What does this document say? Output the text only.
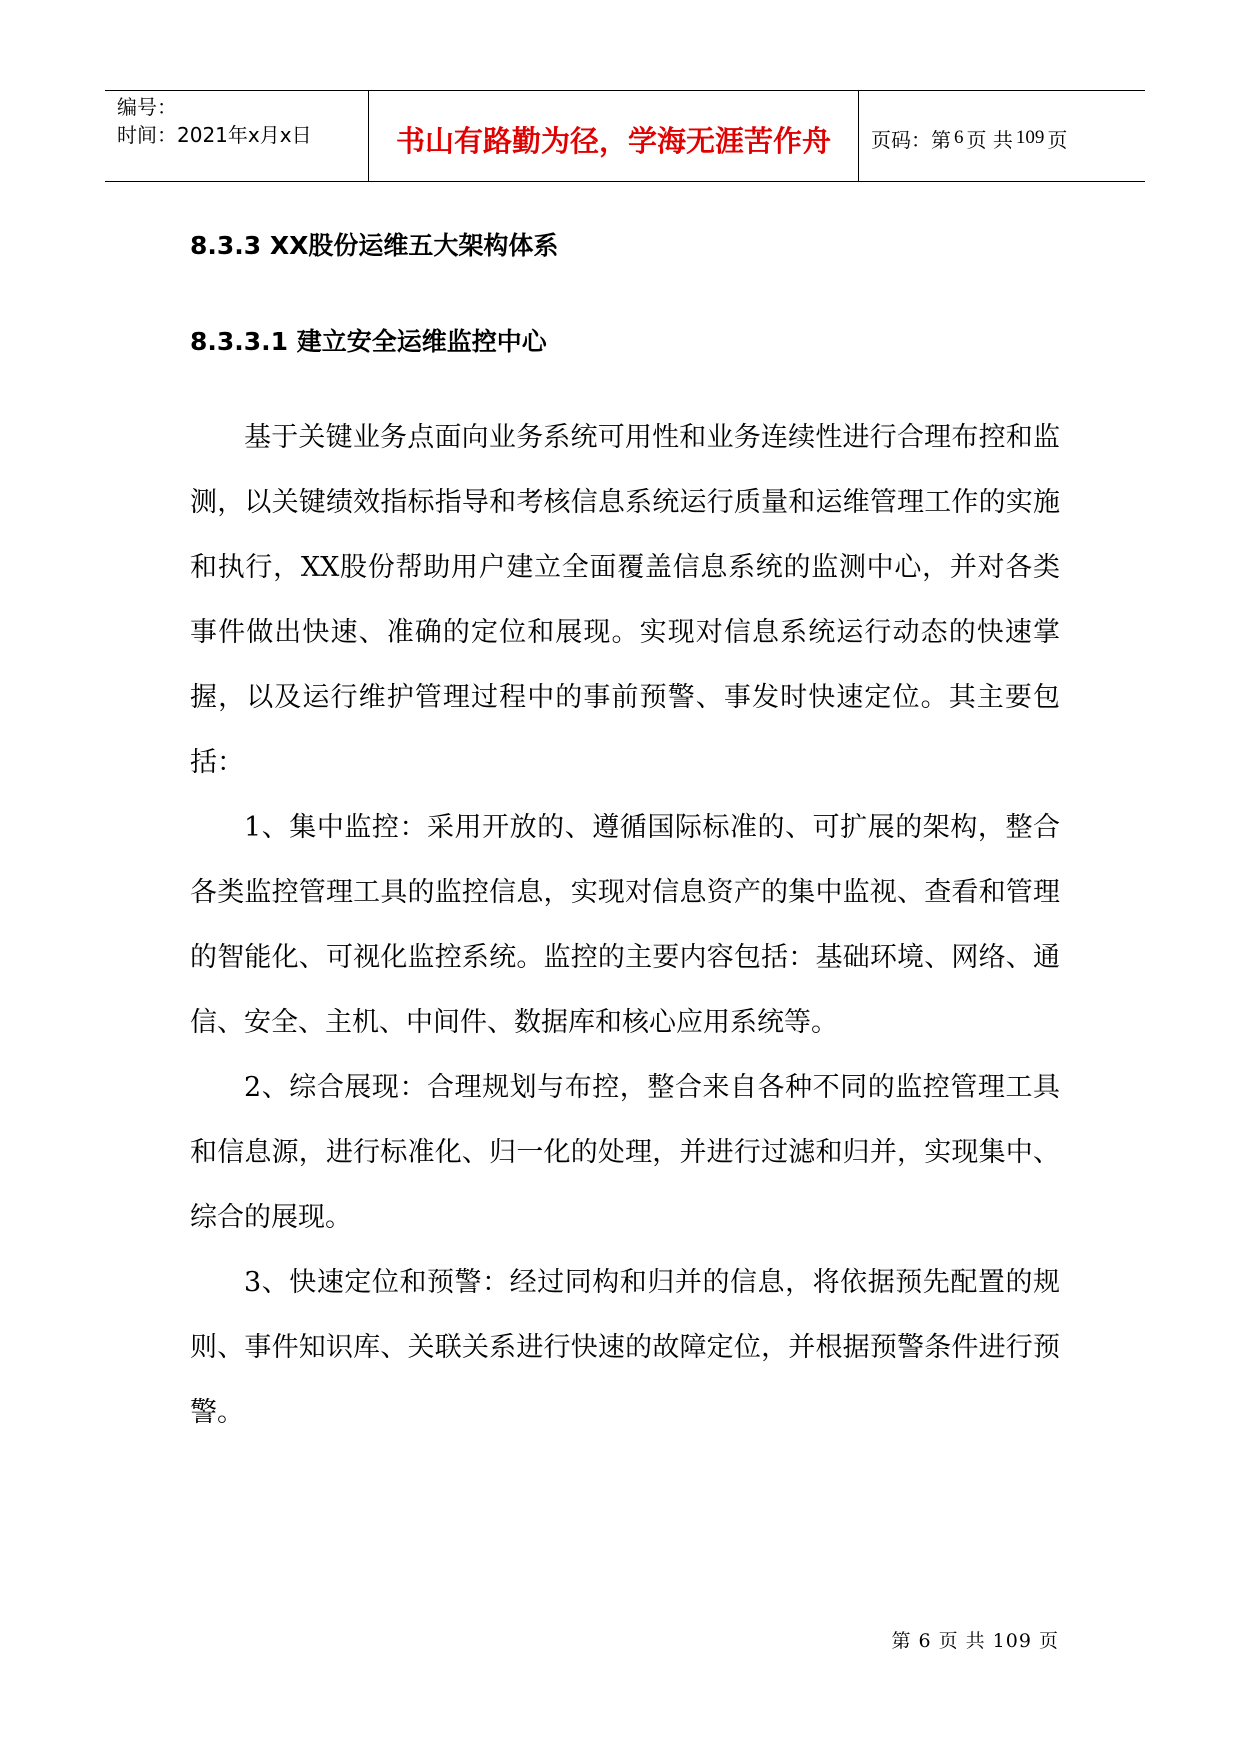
编号：
时间：2021年x月x日	书山有路勤为径，学海无涯苦作舟	页码：第 6 页 共 109 页
8.3.3 XX股份运维五大架构体系
8.3.3.1 建立安全运维监控中心

基于关键业务点面向业务系统可用性和业务连续性进行合理布控和监测，以关键绩效指标指导和考核信息系统运行质量和运维管理工作的实施和执行，XX股份帮助用户建立全面覆盖信息系统的监测中心，并对各类事件做出快速、准确的定位和展现。实现对信息系统运行动态的快速掌握，以及运行维护管理过程中的事前预警、事发时快速定位。其主要包括：

1、集中监控：采用开放的、遵循国际标准的、可扩展的架构，整合各类监控管理工具的监控信息，实现对信息资产的集中监视、查看和管理的智能化、可视化监控系统。监控的主要内容包括：基础环境、网络、通信、安全、主机、中间件、数据库和核心应用系统等。

2、综合展现：合理规划与布控，整合来自各种不同的监控管理工具和信息源，进行标准化、归一化的处理，并进行过滤和归并，实现集中、综合的展现。

3、快速定位和预警：经过同构和归并的信息，将依据预先配置的规则、事件知识库、关联关系进行快速的故障定位，并根据预警条件进行预警。

第 6 页 共 109 页
